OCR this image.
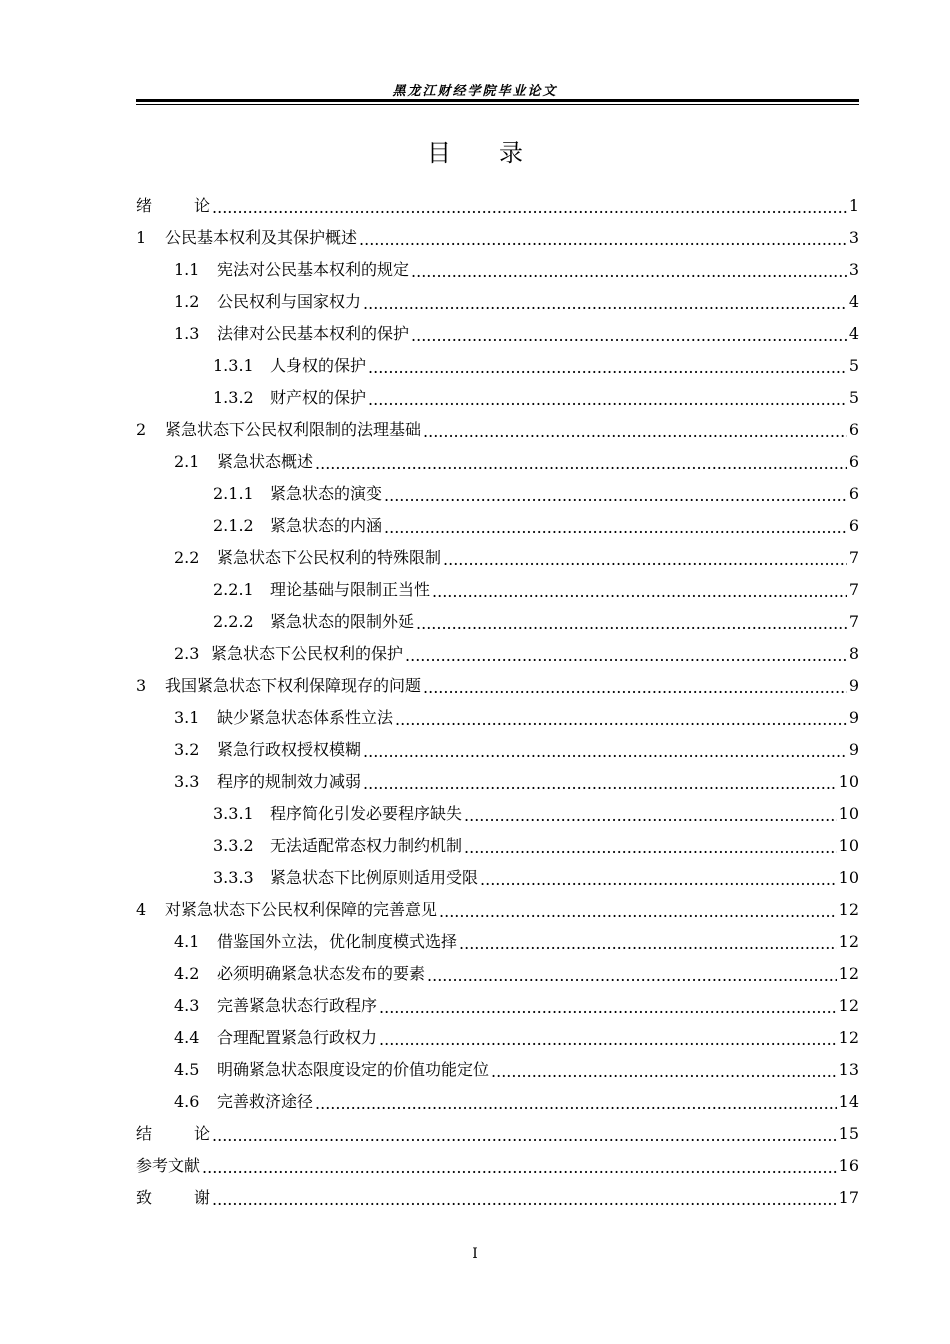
黑龙江财经学院毕业论文
目 录
绪	论 .....	1
1	公民基本权利及其保护概述 .....	3
1.1	宪法对公民基本权利的规定 .....	3
1.2	公民权利与国家权力 .....	4
1.3	法律对公民基本权利的保护 .....	4
1.3.1	人身权的保护 .....	5
1.3.2	财产权的保护 .....	5
2	紧急状态下公民权利限制的法理基础 .....	6
2.1	紧急状态概述 .....	6
2.1.1	紧急状态的演变 .....	6
2.1.2	紧急状态的内涵 .....	6
2.2	紧急状态下公民权利的特殊限制 .....	7
2.2.1	理论基础与限制正当性 .....	7
2.2.2	紧急状态的限制外延 .....	7
2.3 紧急状态下公民权利的保护 .....	8
3	我国紧急状态下权利保障现存的问题 .....	9
3.1	缺少紧急状态体系性立法 .....	9
3.2	紧急行政权授权模糊 .....	9
3.3	程序的规制效力减弱 .....	10
3.3.1	程序简化引发必要程序缺失 .....	10
3.3.2	无法适配常态权力制约机制 .....	10
3.3.3	紧急状态下比例原则适用受限 .....	10
4	对紧急状态下公民权利保障的完善意见 .....	12
4.1	借鉴国外立法，优化制度模式选择 .....	12
4.2	必须明确紧急状态发布的要素 .....	12
4.3	完善紧急状态行政程序 .....	12
4.4	合理配置紧急行政权力 .....	12
4.5	明确紧急状态限度设定的价值功能定位 .....	13
4.6	完善救济途径 .....	14
结	论 .....	15
参考文献 .....	16
致	谢 .....	17
I
